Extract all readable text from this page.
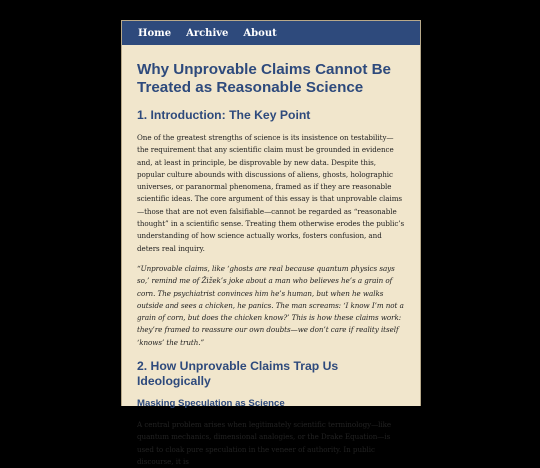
Home Archive About
Why Unprovable Claims Cannot Be Treated as Reasonable Science
1. Introduction: The Key Point

One of the greatest strengths of science is its insistence on testability—the requirement that any scientific claim must be grounded in evidence and, at least in principle, be disprovable by new data. Despite this, popular culture abounds with discussions of aliens, ghosts, holographic universes, or paranormal phenomena, framed as if they are reasonable scientific ideas. The core argument of this essay is that unprovable claims—those that are not even falsifiable—cannot be regarded as “reasonable thought” in a scientific sense. Treating them otherwise erodes the public’s understanding of how science actually works, fosters confusion, and deters real inquiry.

“Unprovable claims, like ‘ghosts are real because quantum physics says so,’ remind me of Žižek’s joke about a man who believes he’s a grain of corn. The psychiatrist convinces him he’s human, but when he walks outside and sees a chicken, he panics. The man screams: ‘I know I’m not a grain of corn, but does the chicken know?’ This is how these claims work: they’re framed to reassure our own doubts—we don’t care if reality itself ‘knows’ the truth.”

2. How Unprovable Claims Trap Us Ideologically
Masking Speculation as Science

A central problem arises when legitimately scientific terminology—like quantum mechanics, dimensional analogies, or the Drake Equation—is used to cloak pure speculation in the veneer of authority. In public discourse, it is
